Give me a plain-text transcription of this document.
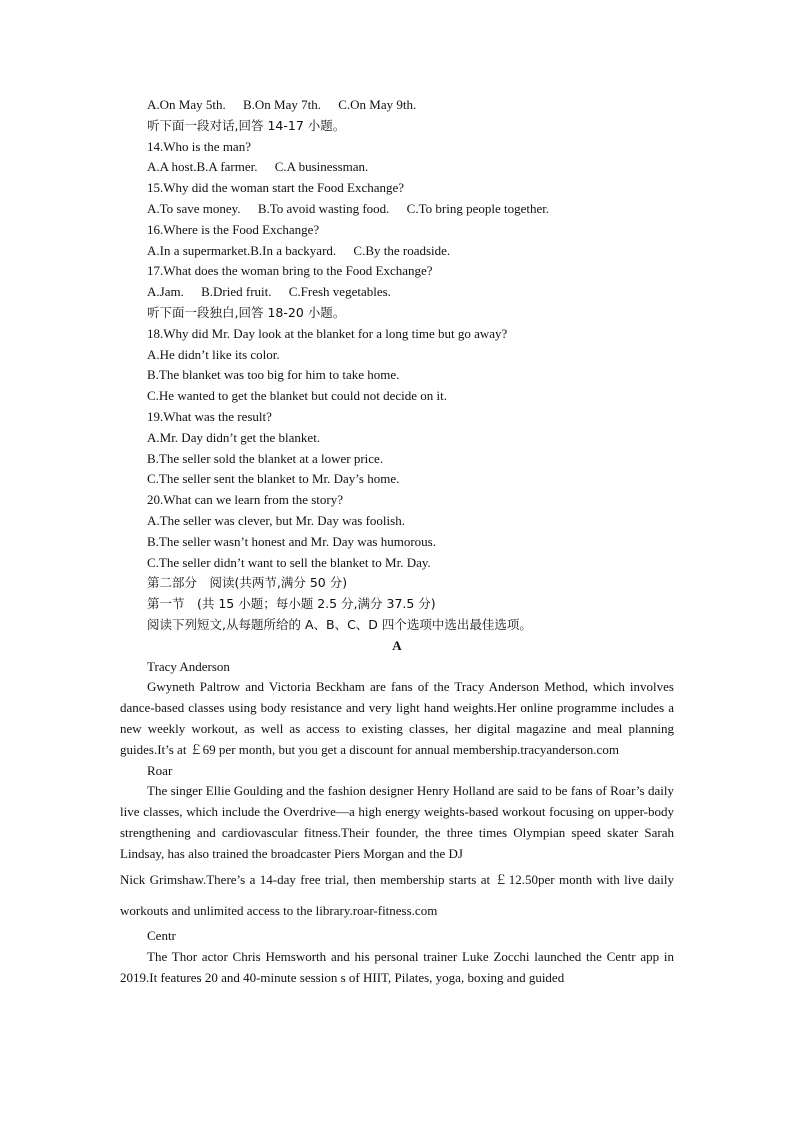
A.On May 5th. B.On May 7th. C.On May 9th.
听下面一段对话,回答 14-17 小题。
14.Who is the man?
A.A host.B.A farmer. C.A businessman.
15.Why did the woman start the Food Exchange?
A.To save money. B.To avoid wasting food. C.To bring people together.
16.Where is the Food Exchange?
A.In a supermarket.B.In a backyard. C.By the roadside.
17.What does the woman bring to the Food Exchange?
A.Jam. B.Dried fruit. C.Fresh vegetables.
听下面一段独白,回答 18-20 小题。
18.Why did Mr. Day look at the blanket for a long time but go away?
A.He didn’t like its color.
B.The blanket was too big for him to take home.
C.He wanted to get the blanket but could not decide on it.
19.What was the result?
A.Mr. Day didn’t get the blanket.
B.The seller sold the blanket at a lower price.
C.The seller sent the blanket to Mr. Day’s home.
20.What can we learn from the story?
A.The seller was clever, but Mr. Day was foolish.
B.The seller wasn’t honest and Mr. Day was humorous.
C.The seller didn’t want to sell the blanket to Mr. Day.
第二部分　阅读(共两节,满分 50 分)
第一节　(共 15 小题；每小题 2.5 分,满分 37.5 分)
阅读下列短文,从每题所给的 A、B、C、D 四个选项中选出最佳选项。
A
Tracy Anderson
Gwyneth Paltrow and Victoria Beckham are fans of the Tracy Anderson Method, which involves dance-based classes using body resistance and very light hand weights.Her online programme includes a new weekly workout, as well as access to existing classes, her digital magazine and meal planning guides.It’s at ￡69 per month, but you get a discount for annual membership.tracyanderson.com
Roar
The singer Ellie Goulding and the fashion designer Henry Holland are said to be fans of Roar’s daily live classes, which include the Overdrive—a high energy weights-based workout focusing on upper-body strengthening and cardiovascular fitness.Their founder, the three times Olympian speed skater Sarah Lindsay, has also trained the broadcaster Piers Morgan and the DJ
Nick Grimshaw.There’s a 14-day free trial, then membership starts at ￡12.50per month with live daily workouts and unlimited access to the library.roar-fitness.com
Centr
The Thor actor Chris Hemsworth and his personal trainer Luke Zocchi launched the Centr app in 2019.It features 20 and 40-minute session s of HIIT, Pilates, yoga, boxing and guided
